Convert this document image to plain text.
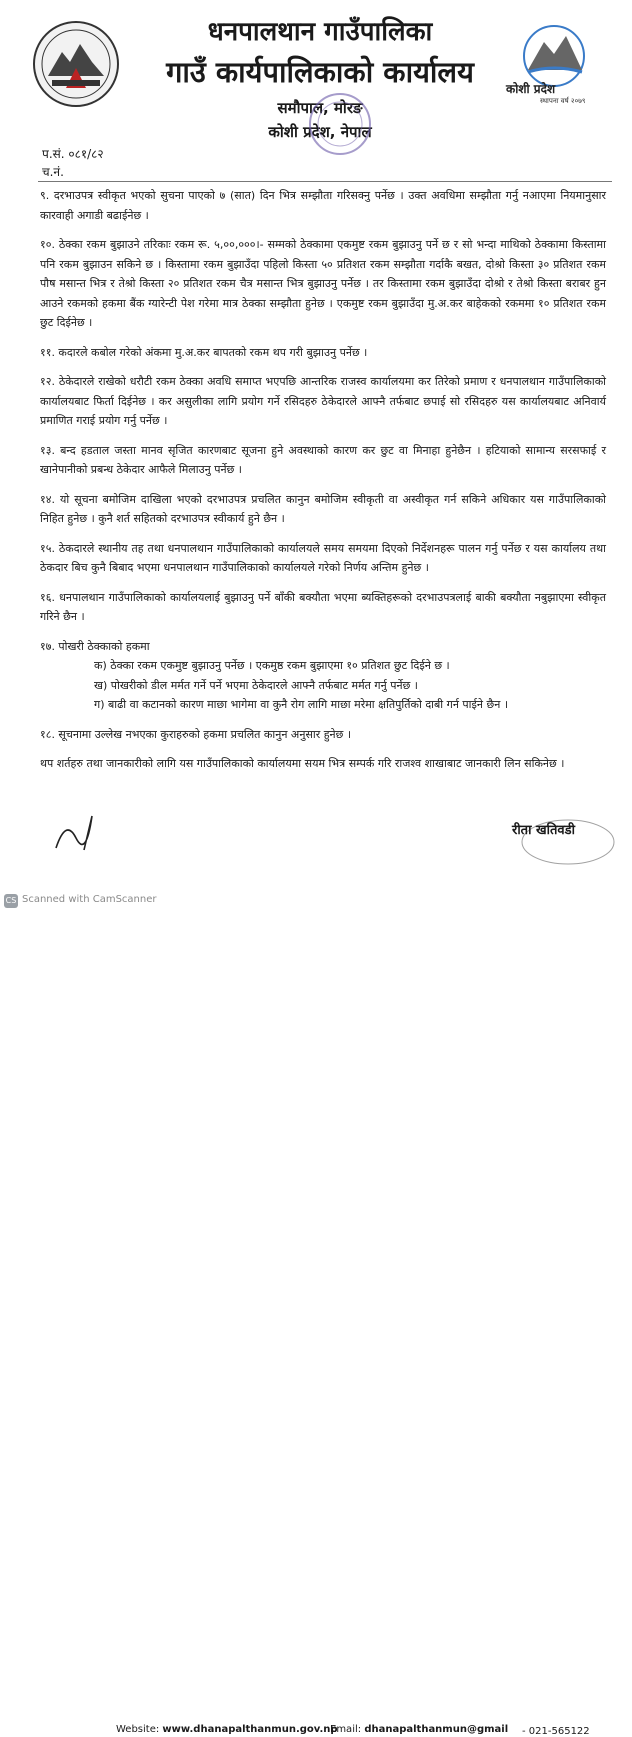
धनपालथान गाउँपालिका
गाउँ कार्यपालिकाको कार्यालय
समौपाल, मोरङ
कोशी प्रदेश, नेपाल
कोशी प्रदेश
स्थापना वर्ष २०७९
प.सं. ०८१/८२
च.नं.

९. दरभाउपत्र स्वीकृत भएको सुचना पाएको ७ (सात) दिन भित्र सम्झौता गरिसक्नु पर्नेछ । उक्त अवधिमा सम्झौता गर्नु नआएमा नियमानुसार कारवाही अगाडी बढाईनेछ ।

१०. ठेक्का रकम बुझाउने तरिकाः रकम रू. ५,००,०००।- सम्मको ठेक्कामा एकमुष्ट रकम बुझाउनु पर्ने छ र सो भन्दा माथिको ठेक्कामा किस्तामा पनि रकम बुझाउन सकिने छ । किस्तामा रकम बुझाउँदा पहिलो किस्ता ५० प्रतिशत रकम सम्झौता गर्दाकै बखत, दोश्रो किस्ता ३० प्रतिशत रकम पौष मसान्त भित्र र तेश्रो किस्ता २० प्रतिशत रकम चैत्र मसान्त भित्र बुझाउनु पर्नेछ । तर किस्तामा रकम बुझाउँदा दोश्रो र तेश्रो किस्ता बराबर हुन आउने रकमको हकमा बैंक ग्यारेन्टी पेश गरेमा मात्र ठेक्का सम्झौता हुनेछ । एकमुष्ट रकम बुझाउँदा मु.अ.कर बाहेकको रकममा १० प्रतिशत रकम छुट दिईनेछ ।

११. कदारले कबोल गरेको अंकमा मु.अ.कर बापतको रकम थप गरी बुझाउनु पर्नेछ ।

१२. ठेकेदारले राखेको धरौटी रकम ठेक्का अवधि समाप्त भएपछि आन्तरिक राजस्व कार्यालयमा कर तिरेको प्रमाण र धनपालथान गाउँपालिकाको कार्यालयबाट फिर्ता दिईनेछ । कर असुलीका लागि प्रयोग गर्ने रसिदहरु ठेकेदारले आफ्नै तर्फबाट छपाई सो रसिदहरु यस कार्यालयबाट अनिवार्य प्रमाणित गराई प्रयोग गर्नु पर्नेछ ।

१३. बन्द हडताल जस्ता मानव सृजित कारणबाट सूजना हुने अवस्थाको कारण कर छुट वा मिनाहा हुनेछैन । हटियाको सामान्य सरसफाई र खानेपानीको प्रबन्ध ठेकेदार आफैले मिलाउनु पर्नेछ ।

१४. यो सूचना बमोजिम दाखिला भएको दरभाउपत्र प्रचलित कानुन बमोजिम स्वीकृती वा अस्वीकृत गर्न सकिने अधिकार यस गाउँपालिकाको निहित हुनेछ । कुनै शर्त सहितको दरभाउपत्र स्वीकार्य हुने छैन ।

१५. ठेकदारले स्थानीय तह तथा धनपालथान गाउँपालिकाको कार्यालयले समय समयमा दिएको निर्देशनहरू पालन गर्नु पर्नेछ र यस कार्यालय तथा ठेकदार बिच कुनै बिबाद भएमा धनपालथान गाउँपालिकाको कार्यालयले गरेको निर्णय अन्तिम हुनेछ ।

१६. धनपालथान गाउँपालिकाको कार्यालयलाई बुझाउनु पर्ने बाँकी बक्यौता भएमा ब्यक्तिहरूको दरभाउपत्रलाई बाकी बक्यौता नबुझाएमा स्वीकृत गरिने छैन ।

१७. पोखरी ठेक्काको हकमा

क) ठेक्का रकम एकमुष्ट बुझाउनु पर्नेछ । एकमुष्ठ रकम बुझाएमा १० प्रतिशत छुट दिईने छ ।

ख) पोखरीको डील मर्मत गर्ने पर्ने भएमा ठेकेदारले आफ्नै तर्फबाट मर्मत गर्नु पर्नेछ ।

ग) बाढी वा कटानको कारण माछा भागेमा वा कुनै रोग लागि माछा मरेमा क्षतिपुर्तिको दाबी गर्न पाईने छैन ।

१८. सूचनामा उल्लेख नभएका कुराहरुको हकमा प्रचलित कानुन अनुसार हुनेछ ।

थप शर्तहरु तथा जानकारीको लागि यस गाउँपालिकाको कार्यालयमा सयम भित्र सम्पर्क गरि राजश्व शाखाबाट जानकारी लिन सकिनेछ ।

रीता खतिवडी
Website: www.dhanapalthanmun.gov.np
Email: dhanapalthanmun@gmail - 021-565122
CS Scanned with CamScanner
